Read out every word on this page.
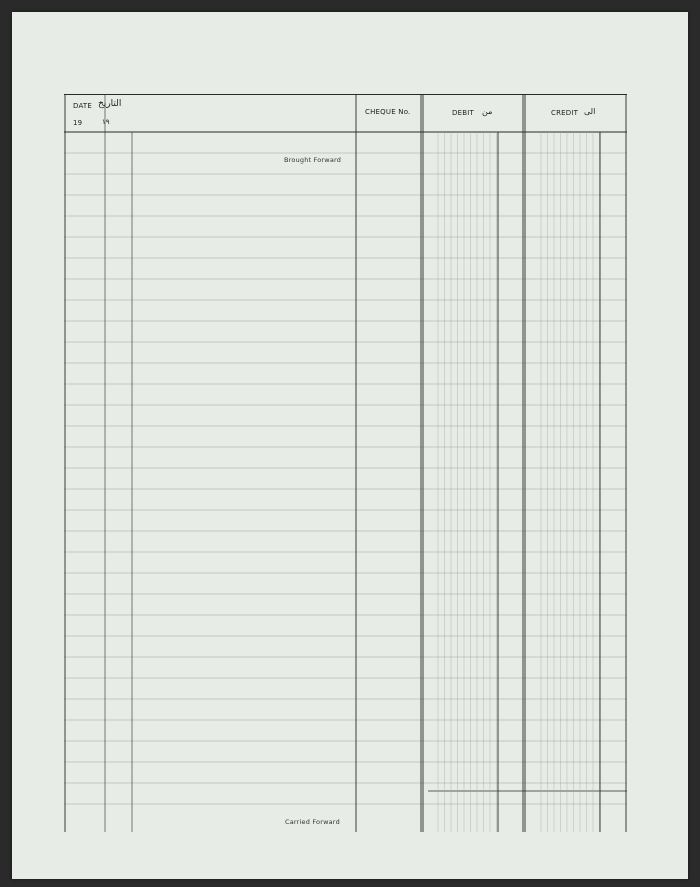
DATE التاريخ
19	١٩
CHEQUE No.	DEBIT من	CREDIT الى
Brought Forward
Carried Forward
